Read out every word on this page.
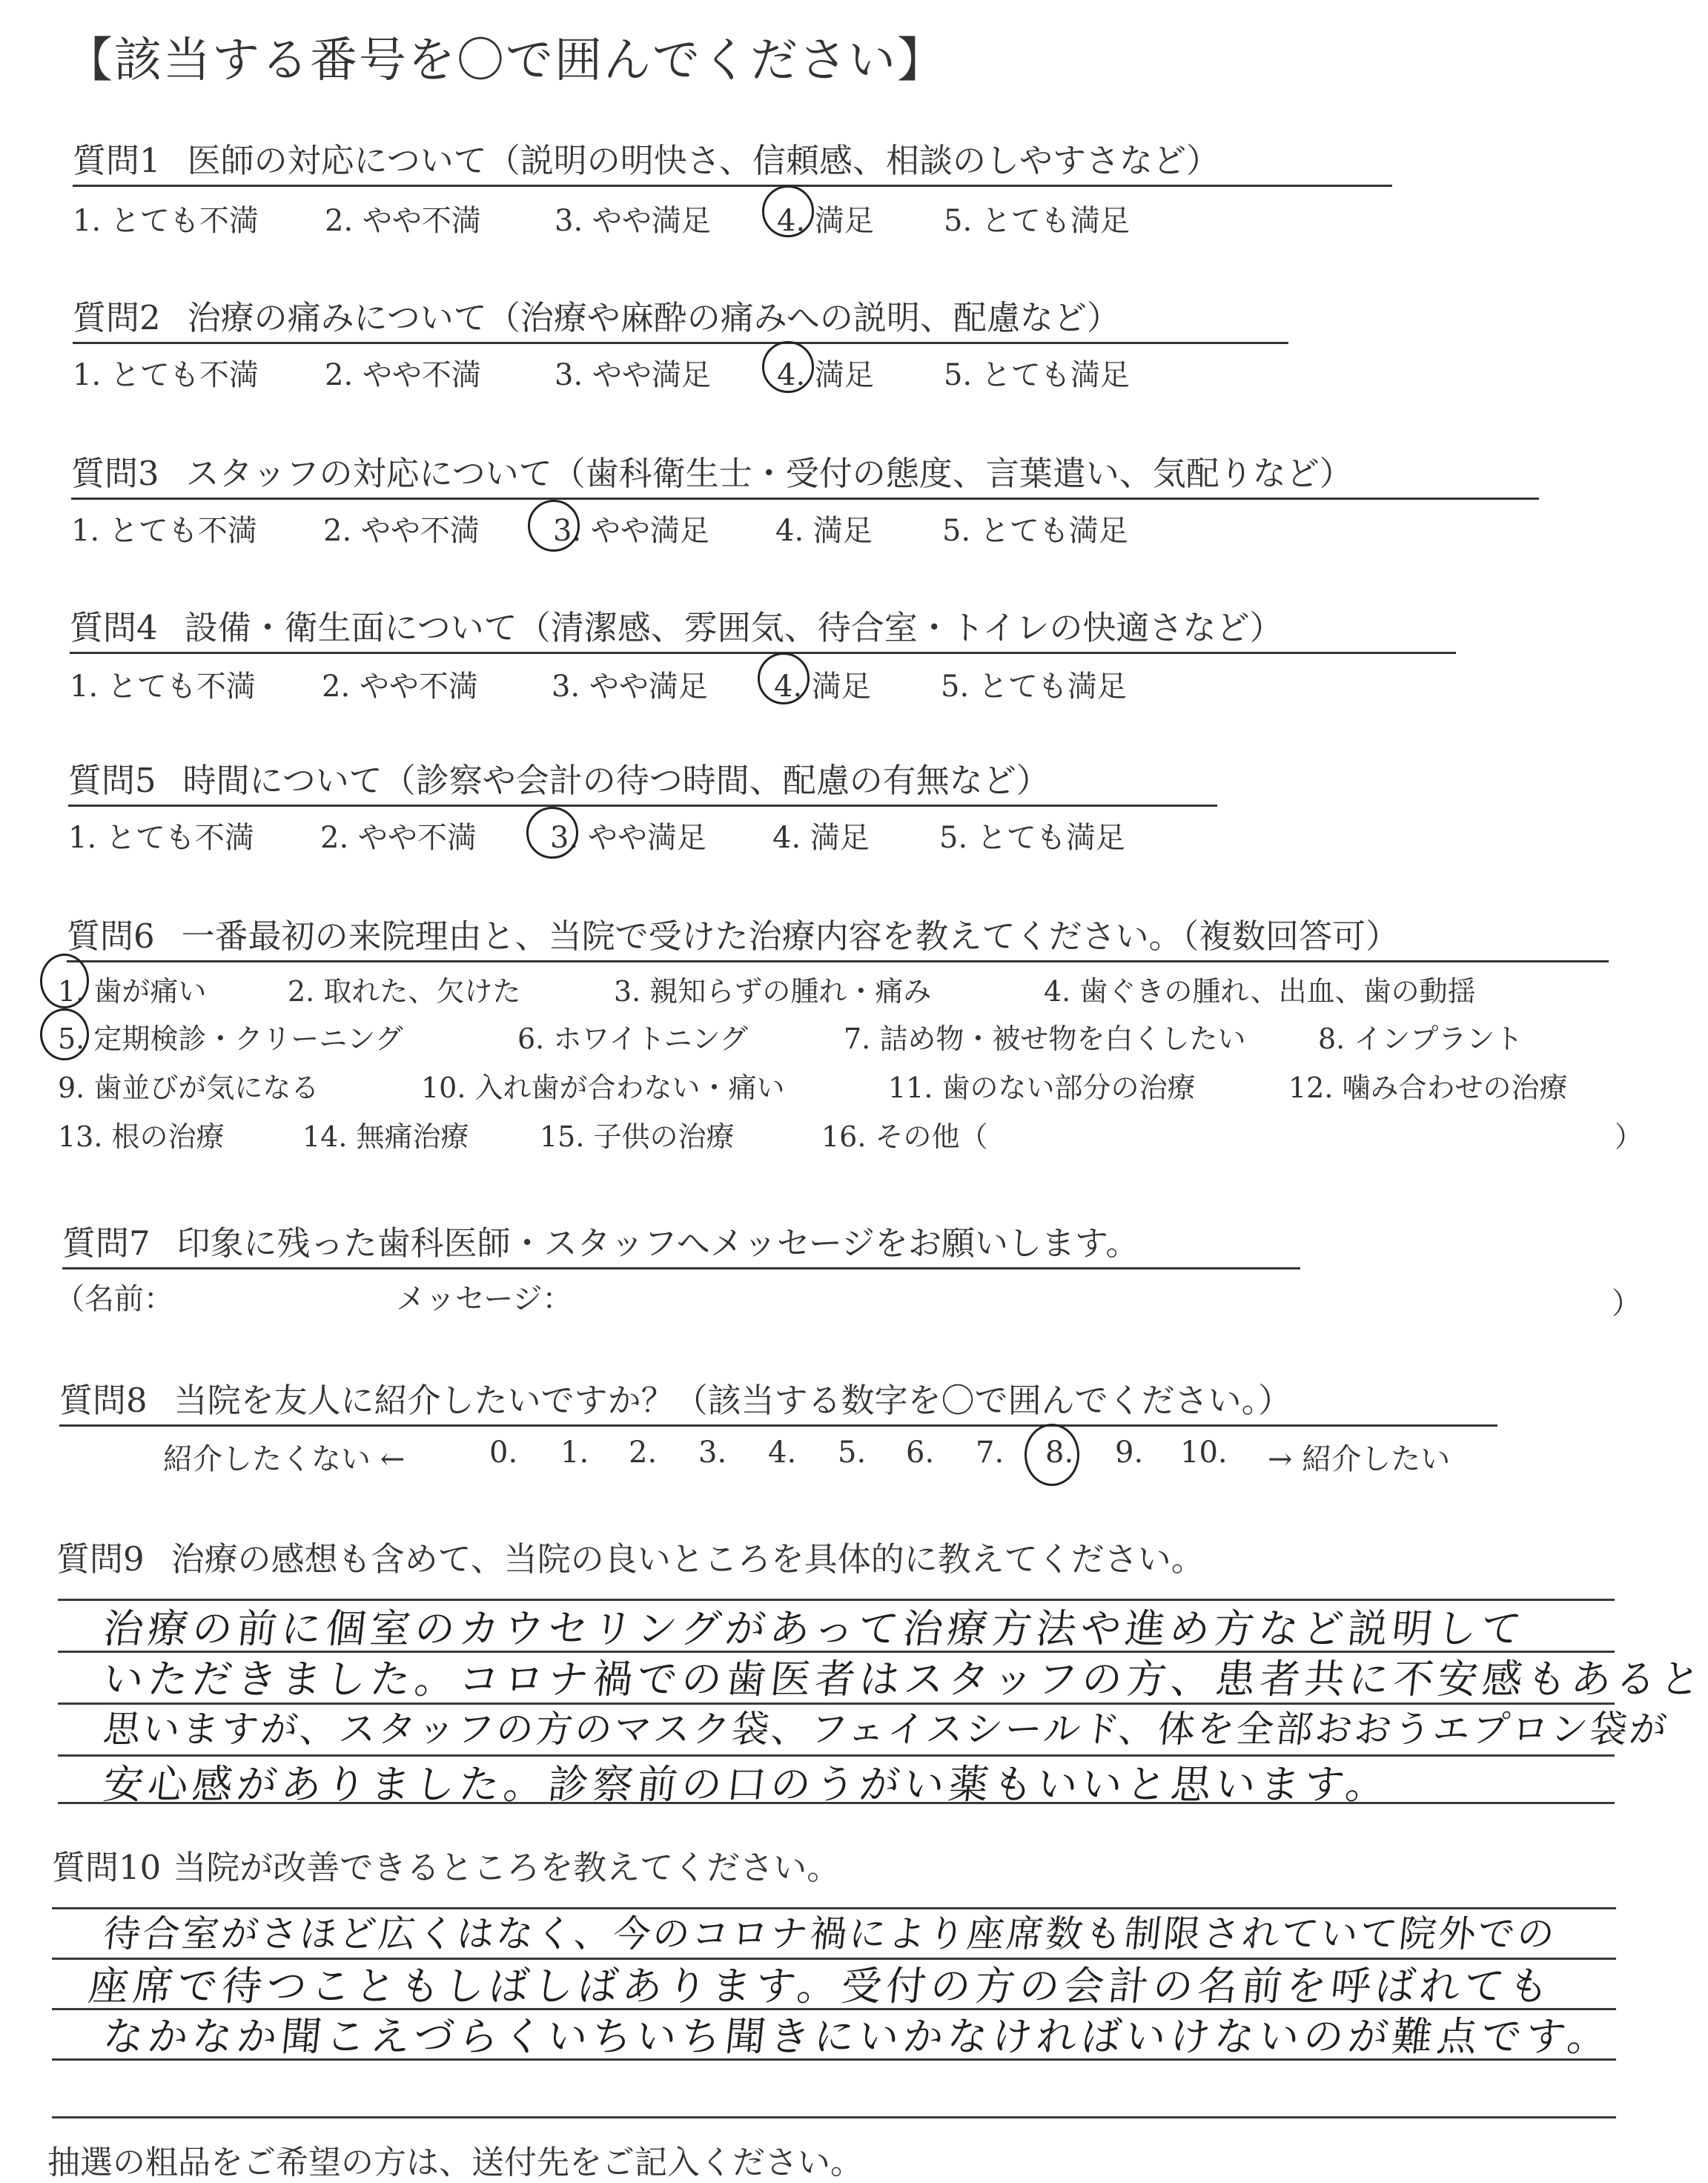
【該当する番号を〇で囲んでください】
質問1 医師の対応について（説明の明快さ、信頼感、相談のしやすさなど）
1. とても不満 2. やや不満 3. やや満足 4. 満足 5. とても満足
質問2 治療の痛みについて（治療や麻酔の痛みへの説明、配慮など）
1. とても不満 2. やや不満 3. やや満足 4. 満足 5. とても満足
質問3 スタッフの対応について（歯科衛生士・受付の態度、言葉遣い、気配りなど）
1. とても不満 2. やや不満 3. やや満足 4. 満足 5. とても満足
質問4 設備・衛生面について（清潔感、雰囲気、待合室・トイレの快適さなど）
1. とても不満 2. やや不満 3. やや満足 4. 満足 5. とても満足
質問5 時間について（診察や会計の待つ時間、配慮の有無など）
1. とても不満 2. やや不満 3. やや満足 4. 満足 5. とても満足
質問6 一番最初の来院理由と、当院で受けた治療内容を教えてください。（複数回答可）
1. 歯が痛い	2. 取れた、欠けた	3. 親知らずの腫れ・痛み	4. 歯ぐきの腫れ、出血、歯の動揺
5. 定期検診・クリーニング	6. ホワイトニング	7. 詰め物・被せ物を白くしたい	8. インプラント
9. 歯並びが気になる	10. 入れ歯が合わない・痛い	11. 歯のない部分の治療	12. 噛み合わせの治療
13. 根の治療	14. 無痛治療	15. 子供の治療	16. その他（	）
質問7 印象に残った歯科医師・スタッフへメッセージをお願いします。
（名前：	メッセージ：	）
質問8 当院を友人に紹介したいですか？（該当する数字を〇で囲んでください。）
紹介したくない ←	0. 1. 2. 3. 4. 5. 6. 7. 8. 9. 10. → 紹介したい
質問9 治療の感想も含めて、当院の良いところを具体的に教えてください。
治療の前に個室のカウセリングがあって治療方法や進め方など説明して
いただきました。コロナ禍での歯医者はスタッフの方、患者共に不安感もあると
思いますが、スタッフの方のマスク袋、フェイスシールド、体を全部おおうエプロン袋が
安心感がありました。診察前の口のうがい薬もいいと思います。
質問10 当院が改善できるところを教えてください。
待合室がさほど広くはなく、今のコロナ禍により座席数も制限されていて院外での
座席で待つこともしばしばあります。受付の方の会計の名前を呼ばれても
なかなか聞こえづらくいちいち聞きにいかなければいけないのが難点です。
抽選の粗品をご希望の方は、送付先をご記入ください。
